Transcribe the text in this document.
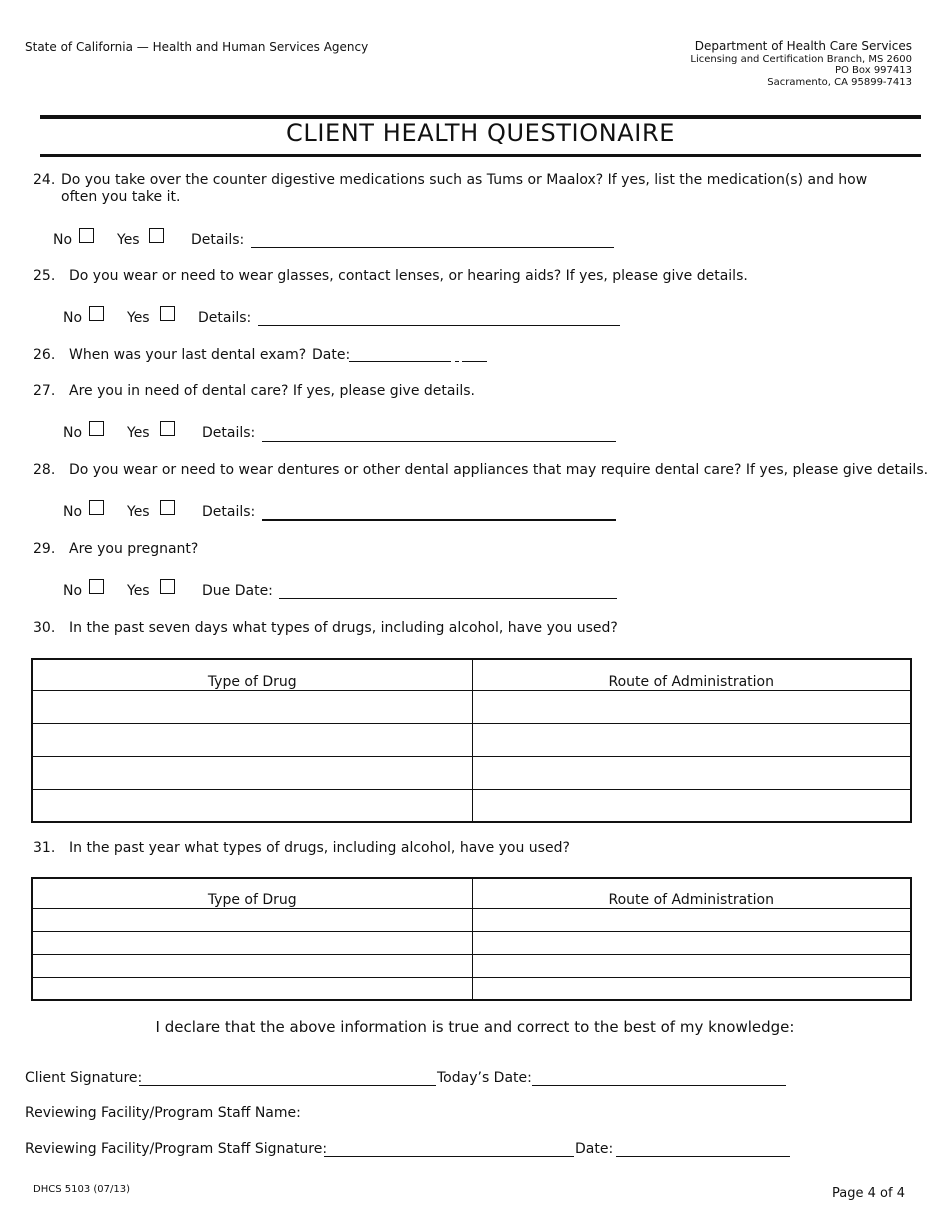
State of California — Health and Human Services Agency	Department of Health Care Services
Licensing and Certification Branch, MS 2600
PO Box 997413
Sacramento, CA 95899-7413
CLIENT HEALTH QUESTIONAIRE
24. Do you take over the counter digestive medications such as Tums or Maalox? If yes, list the medication(s) and how often you take it.
No	Yes	Details:
25. Do you wear or need to wear glasses, contact lenses, or hearing aids? If yes, please give details.
No	Yes	Details:
26. When was your last dental exam? Date:
27. Are you in need of dental care? If yes, please give details.
No	Yes	Details:
28. Do you wear or need to wear dentures or other dental appliances that may require dental care? If yes, please give details.
No	Yes	Details:
29. Are you pregnant?
No	Yes	Due Date:
30. In the past seven days what types of drugs, including alcohol, have you used?
Type of Drug	Route of Administration

31. In the past year what types of drugs, including alcohol, have you used?
Type of Drug	Route of Administration

I declare that the above information is true and correct to the best of my knowledge:
Client Signature:	Today’s Date:
Reviewing Facility/Program Staff Name:
Reviewing Facility/Program Staff Signature:	Date:
DHCS 5103 (07/13)	Page 4 of 4
